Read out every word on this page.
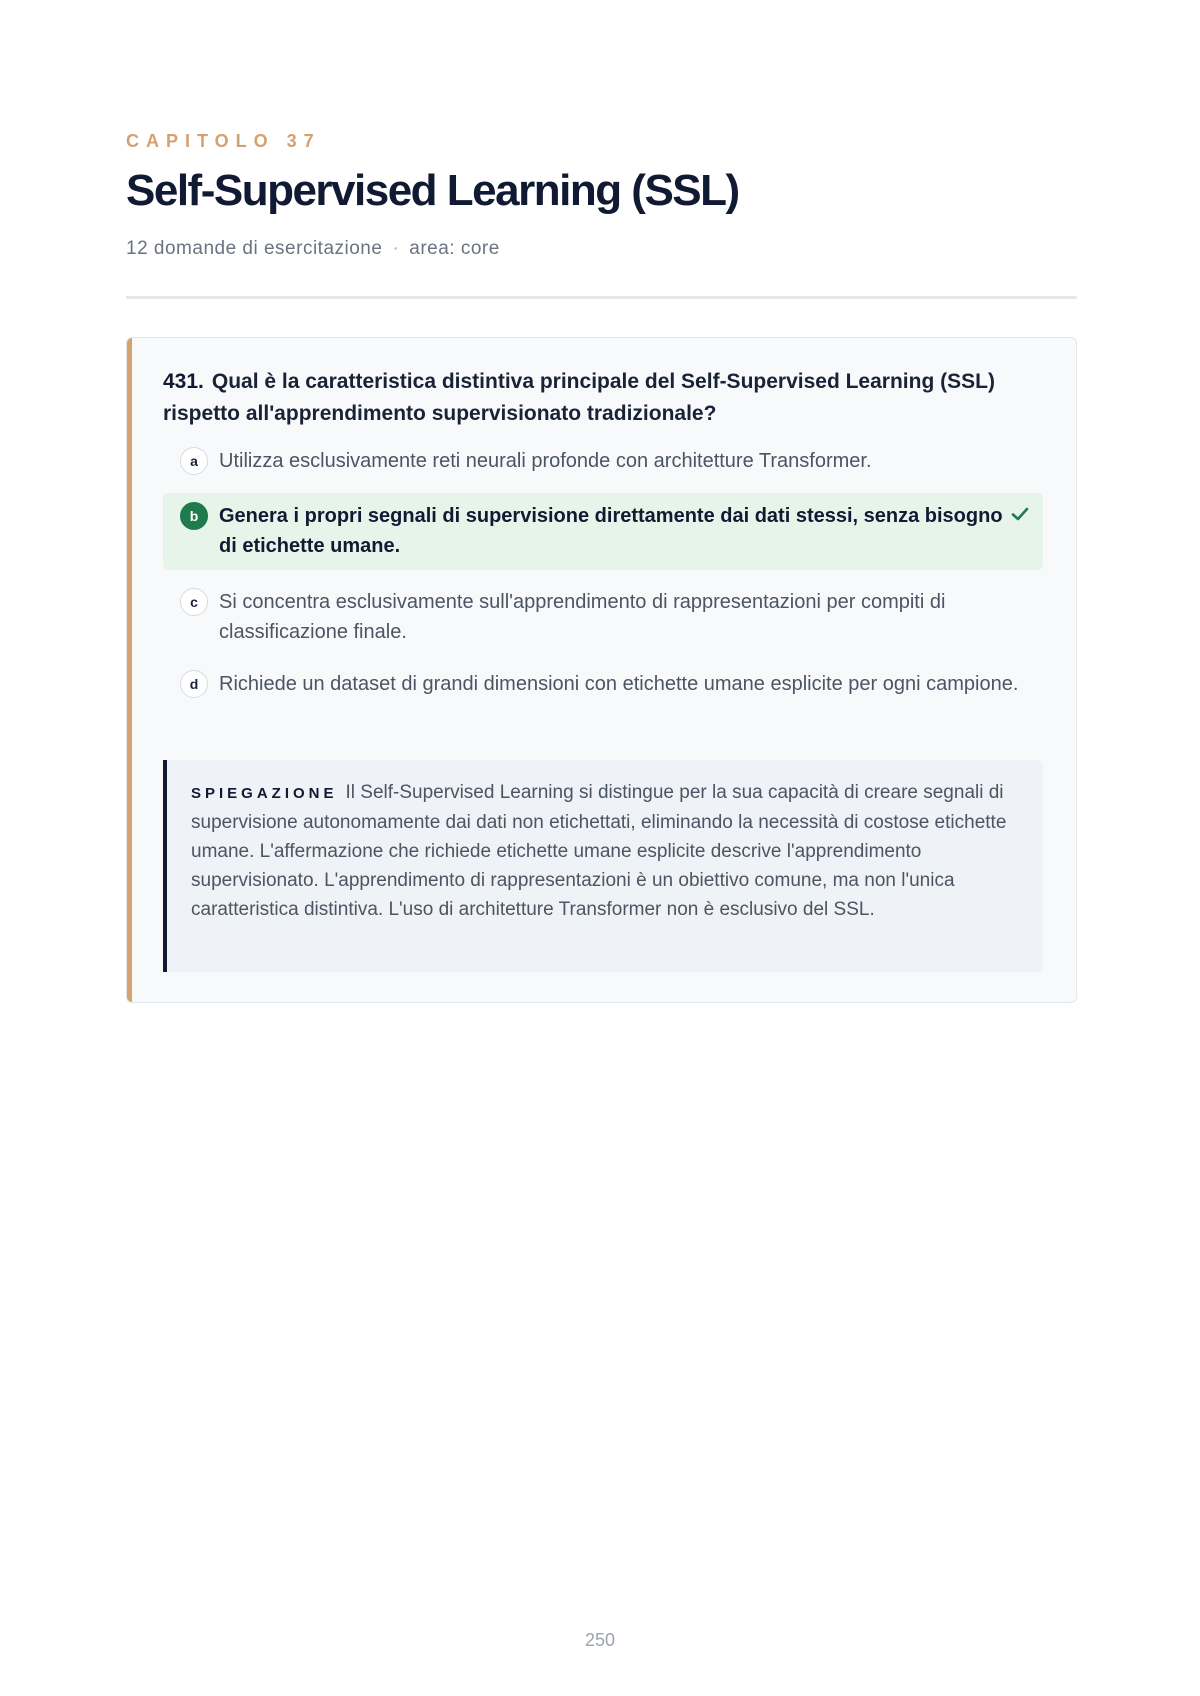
CAPITOLO 37
Self-Supervised Learning (SSL)
12 domande di esercitazione · area: core
431. Qual è la caratteristica distintiva principale del Self-Supervised Learning (SSL) rispetto all'apprendimento supervisionato tradizionale?
a	Utilizza esclusivamente reti neurali profonde con architetture Transformer.
b	Genera i propri segnali di supervisione direttamente dai dati stessi, senza bisogno di etichette umane.
c	Si concentra esclusivamente sull'apprendimento di rappresentazioni per compiti di classificazione finale.
d	Richiede un dataset di grandi dimensioni con etichette umane esplicite per ogni campione.
SPIEGAZIONE Il Self-Supervised Learning si distingue per la sua capacità di creare segnali di supervisione autonomamente dai dati non etichettati, eliminando la necessità di costose etichette umane. L'affermazione che richiede etichette umane esplicite descrive l'apprendimento supervisionato. L'apprendimento di rappresentazioni è un obiettivo comune, ma non l'unica caratteristica distintiva. L'uso di architetture Transformer non è esclusivo del SSL.
250
